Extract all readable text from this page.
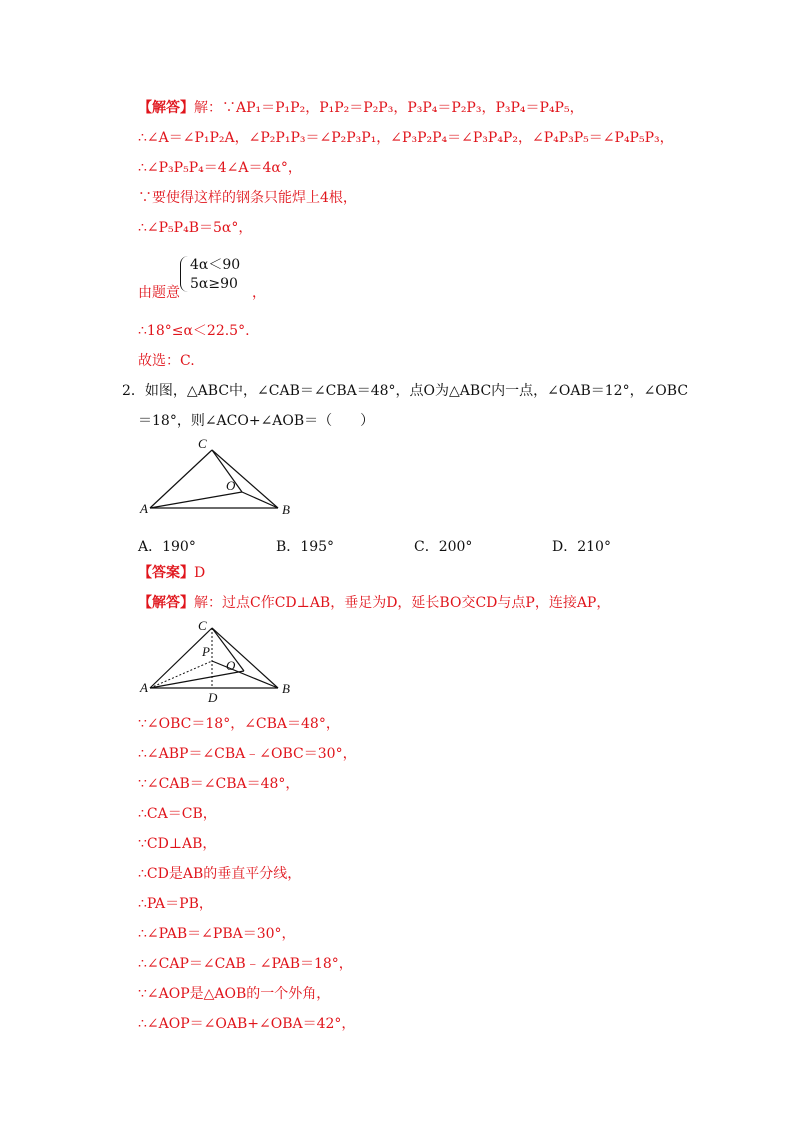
【解答】解：∵AP₁＝P₁P₂，P₁P₂＝P₂P₃，P₃P₄＝P₂P₃，P₃P₄＝P₄P₅，
∴∠A＝∠P₁P₂A，∠P₂P₁P₃＝∠P₂P₃P₁，∠P₃P₂P₄＝∠P₃P₄P₂，∠P₄P₃P₅＝∠P₄P₅P₃，
∴∠P₃P₅P₄＝4∠A＝4α°，
∵要使得这样的钢条只能焊上4根，
∴∠P₅P₄B＝5α°，
由题意
4α＜90
5α≥90
，
∴18°≤α＜22.5°.
故选：C.
2．如图，△ABC中，∠CAB＝∠CBA＝48°，点O为△ABC内一点，∠OAB＝12°，∠OBC
＝18°，则∠ACO+∠AOB＝（　　）
C
O
A	B
A．190°	B．195°	C．200°	D．210°
【答案】D
【解答】解：过点C作CD⊥AB，垂足为D，延长BO交CD与点P，连接AP，
C
P
O
A	B
D
∵∠OBC＝18°，∠CBA＝48°，
∴∠ABP＝∠CBA﹣∠OBC＝30°，
∵∠CAB＝∠CBA＝48°，
∴CA＝CB，
∵CD⊥AB，
∴CD是AB的垂直平分线，
∴PA＝PB，
∴∠PAB＝∠PBA＝30°，
∴∠CAP＝∠CAB﹣∠PAB＝18°，
∵∠AOP是△AOB的一个外角，
∴∠AOP＝∠OAB+∠OBA＝42°，
